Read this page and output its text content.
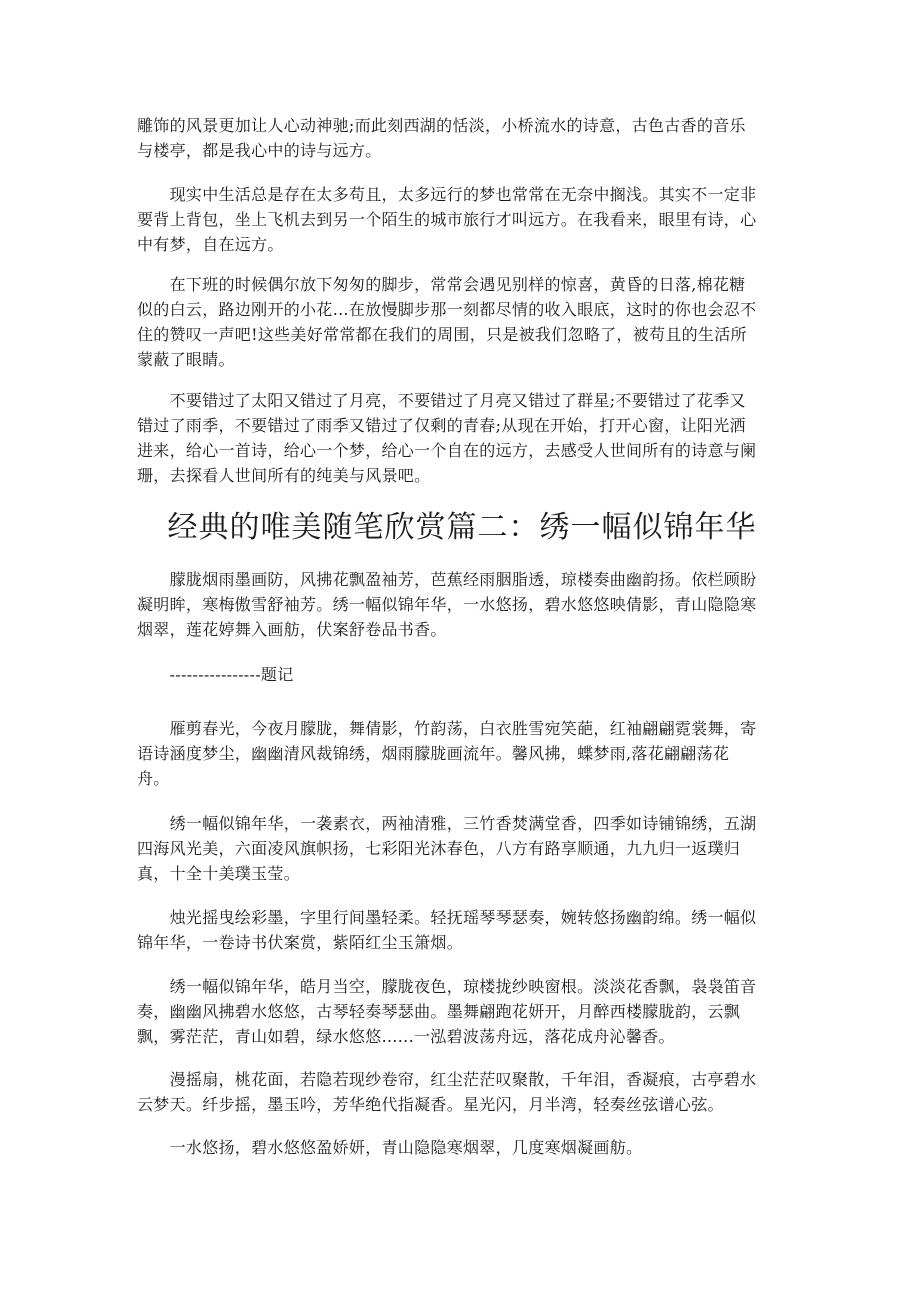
雕饰的风景更加让人心动神驰;而此刻西湖的恬淡，小桥流水的诗意，古色古香的音乐
与楼亭，都是我心中的诗与远方。

　　现实中生活总是存在太多苟且，太多远行的梦也常常在无奈中搁浅。其实不一定非
要背上背包，坐上飞机去到另一个陌生的城市旅行才叫远方。在我看来，眼里有诗，心
中有梦，自在远方。

　　在下班的时候偶尔放下匆匆的脚步，常常会遇见别样的惊喜，黄昏的日落,棉花糖
似的白云，路边刚开的小花…在放慢脚步那一刻都尽情的收入眼底，这时的你也会忍不
住的赞叹一声吧!这些美好常常都在我们的周围，只是被我们忽略了，被苟且的生活所
蒙蔽了眼睛。

　　不要错过了太阳又错过了月亮，不要错过了月亮又错过了群星;不要错过了花季又
错过了雨季，不要错过了雨季又错过了仅剩的青春;从现在开始，打开心窗，让阳光洒
进来，给心一首诗，给心一个梦，给心一个自在的远方，去感受人世间所有的诗意与阑
珊，去探看人世间所有的纯美与风景吧。

经典的唯美随笔欣赏篇二：绣一幅似锦年华

　　朦胧烟雨墨画防，风拂花飘盈袖芳，芭蕉经雨胭脂透，琼楼奏曲幽韵扬。依栏顾盼
凝明眸，寒梅傲雪舒袖芳。绣一幅似锦年华，一水悠扬，碧水悠悠映倩影，青山隐隐寒
烟翠，莲花婷舞入画舫，伏案舒卷品书香。

　　----------------题记

　　雁剪春光，今夜月朦胧，舞倩影，竹韵荡，白衣胜雪宛笑葩，红袖翩翩霓裳舞，寄
语诗涵度梦尘，幽幽清风裁锦绣，烟雨朦胧画流年。馨风拂，蝶梦雨,落花翩翩荡花
舟。

　　绣一幅似锦年华，一袭素衣，两袖清雅，三竹香焚满堂香，四季如诗铺锦绣，五湖
四海风光美，六面凌风旗帜扬，七彩阳光沐春色，八方有路享顺通，九九归一返璞归
真，十全十美璞玉莹。

　　烛光摇曳绘彩墨，字里行间墨轻柔。轻抚瑶琴琴瑟奏，婉转悠扬幽韵绵。绣一幅似
锦年华，一卷诗书伏案赏，紫陌红尘玉箫烟。

　　绣一幅似锦年华，皓月当空，朦胧夜色，琼楼拢纱映窗根。淡淡花香飘，袅袅笛音
奏，幽幽风拂碧水悠悠，古琴轻奏琴瑟曲。墨舞翩跑花妍开，月醉西楼朦胧韵，云飘
飘，雾茫茫，青山如碧，绿水悠悠…...一泓碧波荡舟远，落花成舟沁馨香。

　　漫摇扇，桃花面，若隐若现纱卷帘，红尘茫茫叹聚散，千年泪，香凝痕，古亭碧水
云梦天。纤步摇，墨玉吟，芳华绝代指凝香。星光闪，月半湾，轻奏丝弦谱心弦。

　　一水悠扬，碧水悠悠盈娇妍，青山隐隐寒烟翠，几度寒烟凝画舫。
